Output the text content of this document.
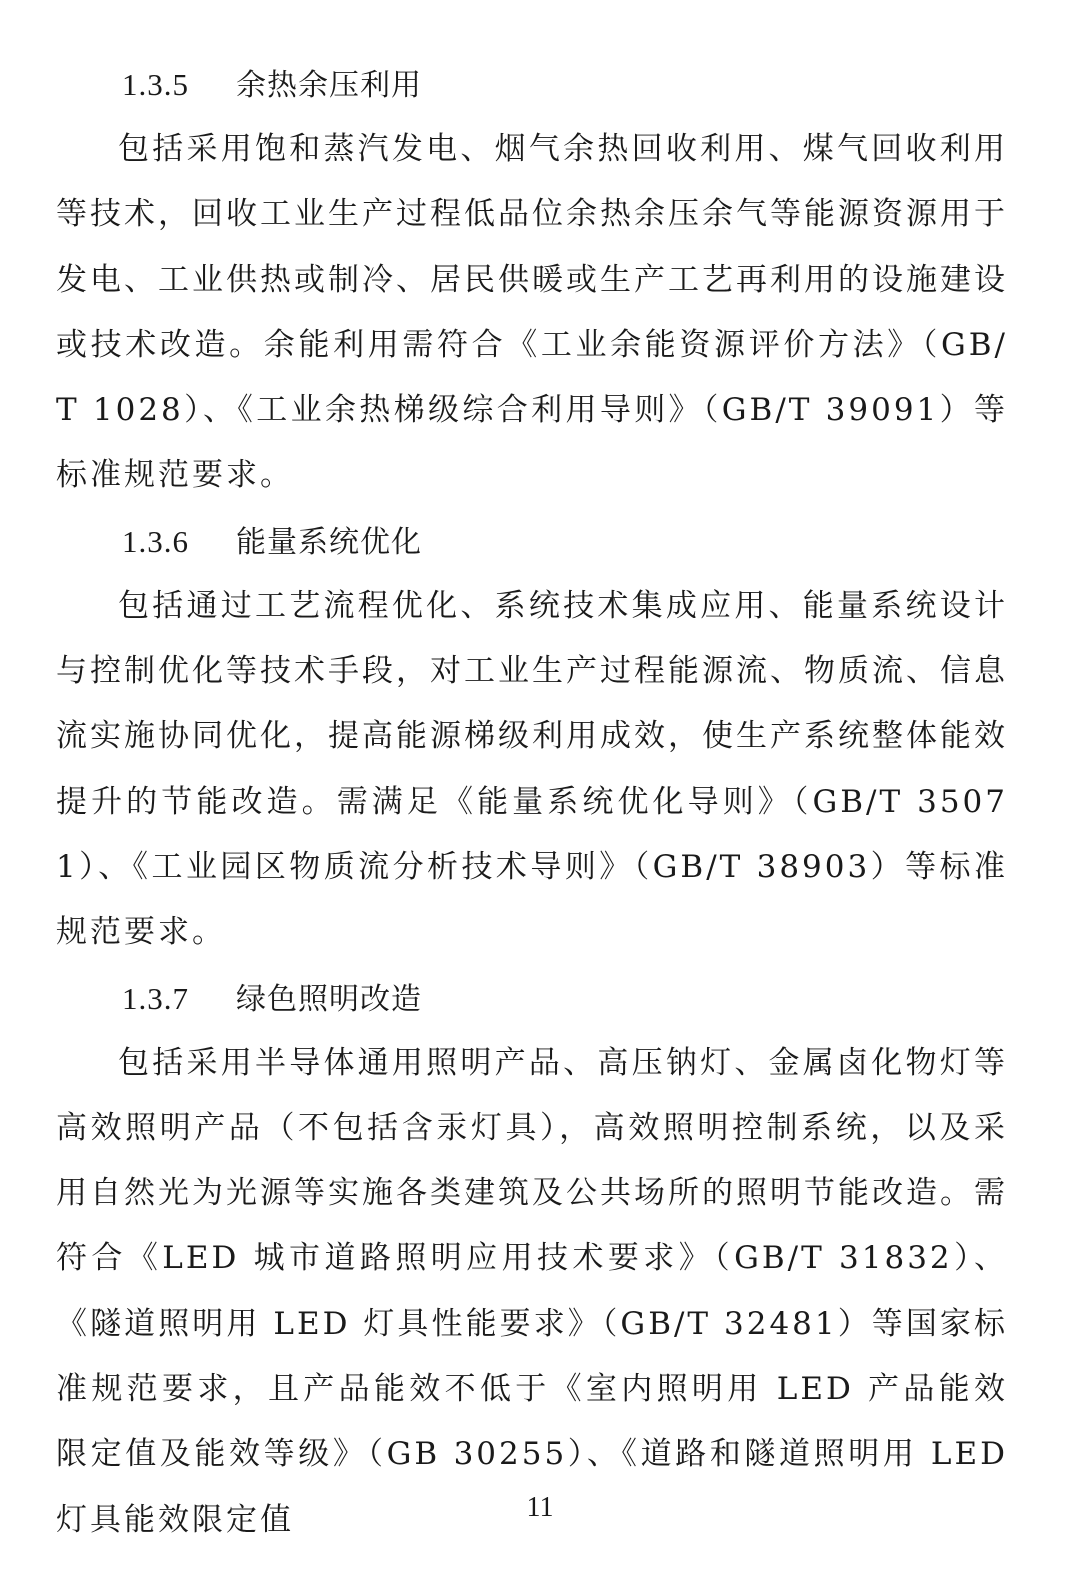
1.3.5 余热余压利用

包括采用饱和蒸汽发电、烟气余热回收利用、煤气回收利用等技术，回收工业生产过程低品位余热余压余气等能源资源用于发电、工业供热或制冷、居民供暖或生产工艺再利用的设施建设或技术改造。余能利用需符合《工业余能资源评价方法》（GB/T 1028）、《工业余热梯级综合利用导则》（GB/T 39091）等标准规范要求。

1.3.6 能量系统优化

包括通过工艺流程优化、系统技术集成应用、能量系统设计与控制优化等技术手段，对工业生产过程能源流、物质流、信息流实施协同优化，提高能源梯级利用成效，使生产系统整体能效提升的节能改造。需满足《能量系统优化导则》（GB/T 35071）、《工业园区物质流分析技术导则》（GB/T 38903）等标准规范要求。

1.3.7 绿色照明改造

包括采用半导体通用照明产品、高压钠灯、金属卤化物灯等高效照明产品（不包括含汞灯具），高效照明控制系统，以及采用自然光为光源等实施各类建筑及公共场所的照明节能改造。需符合《LED 城市道路照明应用技术要求》（GB/T 31832）、《隧道照明用 LED 灯具性能要求》（GB/T 32481）等国家标准规范要求，且产品能效不低于《室内照明用 LED 产品能效限定值及能效等级》（GB 30255）、《道路和隧道照明用 LED 灯具能效限定值	11
